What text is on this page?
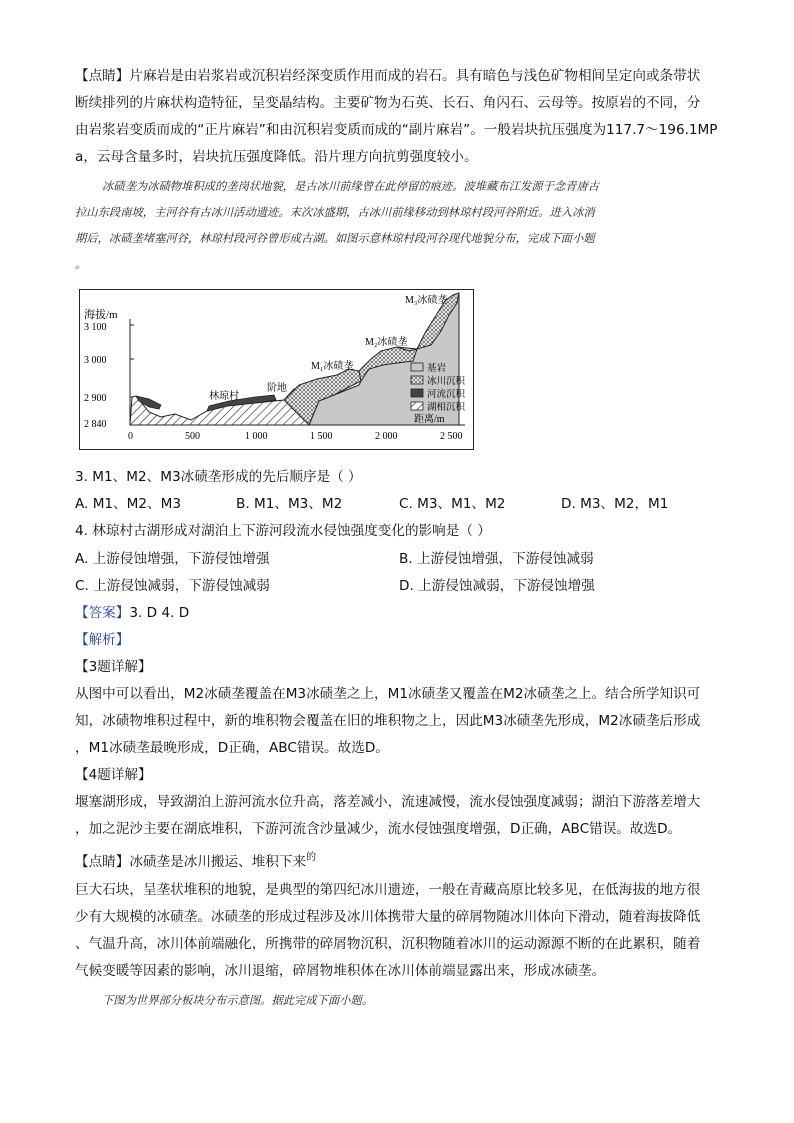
【点睛】片麻岩是由岩浆岩或沉积岩经深变质作用而成的岩石。具有暗色与浅色矿物相间呈定向或条带状
断续排列的片麻状构造特征，呈变晶结构。主要矿物为石英、长石、角闪石、云母等。按原岩的不同，分
由岩浆岩变质而成的“正片麻岩”和由沉积岩变质而成的“副片麻岩”。一般岩块抗压强度为117.7～196.1MP
a，云母含量多时，岩块抗压强度降低。沿片理方向抗剪强度较小。
冰碛垄为冰碛物堆积成的垄岗状地貌，是古冰川前缘曾在此停留的痕迹。波堆藏布江发源于念青唐古
拉山东段南坡，主河谷有古冰川活动遗迹。末次冰盛期，古冰川前缘移动到林琼村段河谷附近。进入冰消
期后，冰碛垄堵塞河谷，林琼村段河谷曾形成古湖。如图示意林琼村段河谷现代地貌分布，完成下面小题
。
海拔/m
3 100
3 000
2 900
2 840
林琼村
阶地
M₁冰碛垄
M₂冰碛垄
M₃冰碛垄
基岩
冰川沉积
河流沉积
湖相沉积
距离/m
0	500	1 000	1 500	2 000	2 500
3. M1、M2、M3冰碛垄形成的先后顺序是（ ）
A. M1、M2、M3	B. M1、M3、M2	C. M3、M1、M2	D. M3、M2，M1
4. 林琼村古湖形成对湖泊上下游河段流水侵蚀强度变化的影响是（ ）
A. 上游侵蚀增强，下游侵蚀增强	B. 上游侵蚀增强，下游侵蚀减弱
C. 上游侵蚀减弱，下游侵蚀减弱	D. 上游侵蚀减弱，下游侵蚀增强
【答案】3. D 4. D
【解析】
【3题详解】
从图中可以看出，M2冰碛垄覆盖在M3冰碛垄之上，M1冰碛垄又覆盖在M2冰碛垄之上。结合所学知识可
知，冰碛物堆积过程中，新的堆积物会覆盖在旧的堆积物之上，因此M3冰碛垄先形成，M2冰碛垄后形成
，M1冰碛垄最晚形成，D正确，ABC错误。故选D。
【4题详解】
堰塞湖形成，导致湖泊上游河流水位升高，落差减小，流速减慢，流水侵蚀强度减弱；湖泊下游落差增大
，加之泥沙主要在湖底堆积，下游河流含沙量减少，流水侵蚀强度增强，D正确，ABC错误。故选D。
【点睛】冰碛垄是冰川搬运、堆积下来$^的$
巨大石块，呈垄状堆积的地貌，是典型的第四纪冰川遗迹，一般在青藏高原比较多见，在低海拔的地方很
少有大规模的冰碛垄。冰碛垄的形成过程涉及冰川体携带大量的碎屑物随冰川体向下滑动，随着海拔降低
、气温升高，冰川体前端融化，所携带的碎屑物沉积，沉积物随着冰川的运动源源不断的在此累积，随着
气候变暖等因素的影响，冰川退缩，碎屑物堆积体在冰川体前端显露出来，形成冰碛垄。
下图为世界部分板块分布示意图。据此完成下面小题。
